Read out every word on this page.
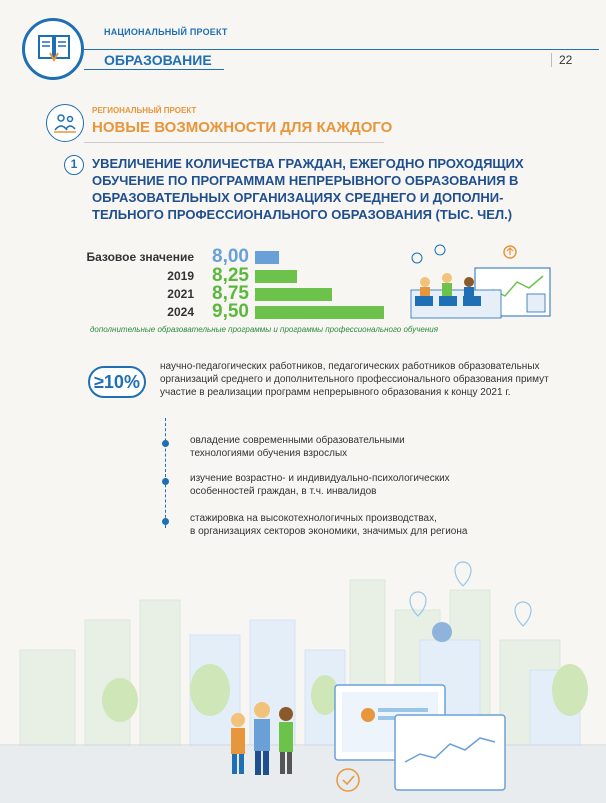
НАЦИОНАЛЬНЫЙ ПРОЕКТ
ОБРАЗОВАНИЕ	22
РЕГИОНАЛЬНЫЙ ПРОЕКТ
НОВЫЕ ВОЗМОЖНОСТИ ДЛЯ КАЖДОГО
1	УВЕЛИЧЕНИЕ КОЛИЧЕСТВА ГРАЖДАН, ЕЖЕГОДНО ПРОХОДЯЩИХ ОБУЧЕНИЕ ПО ПРОГРАММАМ НЕПРЕРЫВНОГО ОБРАЗОВАНИЯ В ОБРАЗОВАТЕЛЬНЫХ ОРГАНИЗАЦИЯХ СРЕДНЕГО И ДОПОЛНИ-ТЕЛЬНОГО ПРОФЕССИОНАЛЬНОГО ОБРАЗОВАНИЯ (ТЫС. ЧЕЛ.)
Базовое значение 8,00
2019 8,25
2021 8,75
2024 9,50
дополнительные образовательные программы и программы профессионального обучения
≥10%
научно-педагогических работников, педагогических работников образовательных организаций среднего и дополнительного профессионального образования примут участие в реализации программ непрерывного образования к концу 2021 г.
овладение современными образовательными
технологиями обучения взрослых
изучение возрастно- и индивидуально-психологических
особенностей граждан, в т.ч. инвалидов
стажировка на высокотехнологичных производствах,
в организациях секторов экономики, значимых для региона
